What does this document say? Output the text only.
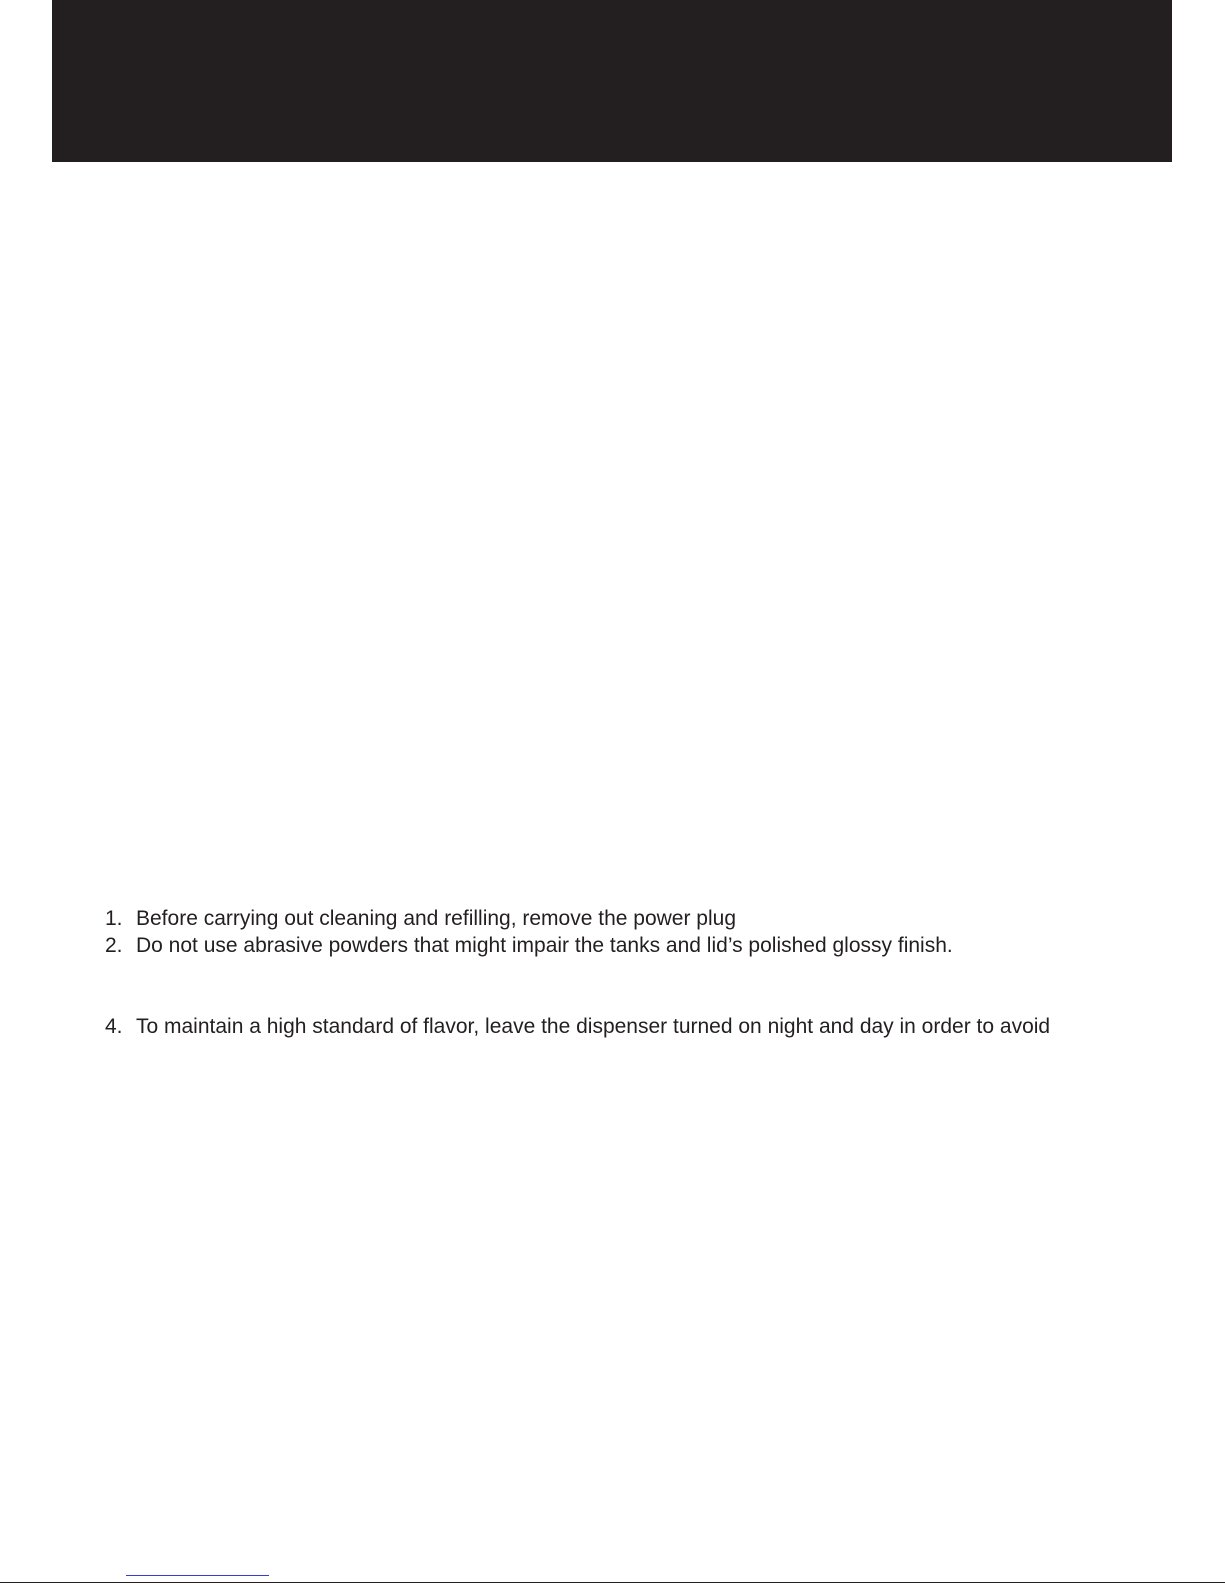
1. Before carrying out cleaning and refilling, remove the power plug
2. Do not use abrasive powders that might impair the tanks and lid’s polished glossy finish.
4. To maintain a high standard of flavor, leave the dispenser turned on night and day in order to avoid
